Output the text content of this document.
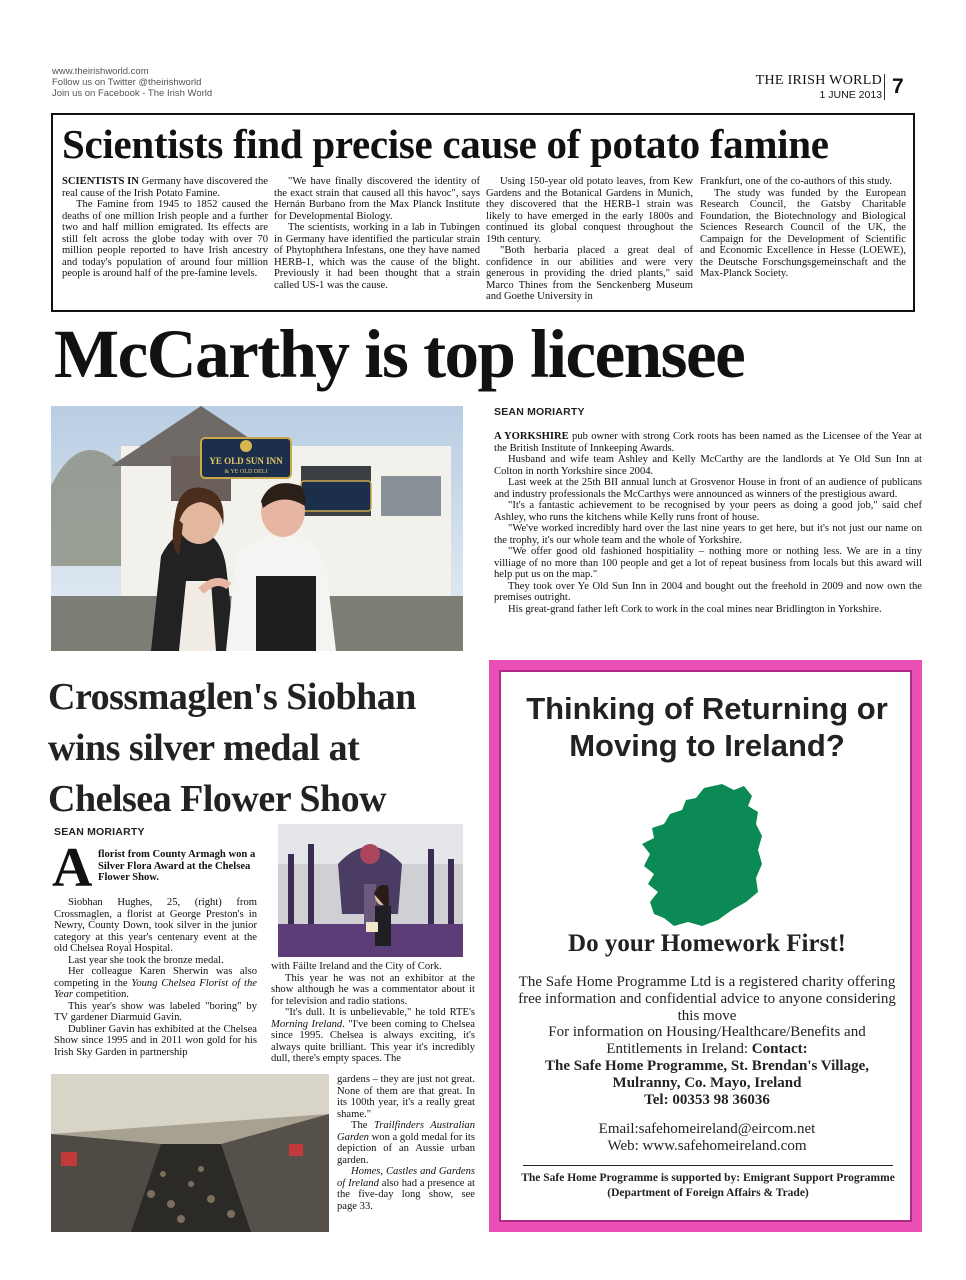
www.theirishworld.com
Follow us on Twitter @theirishworld
Join us on Facebook - The Irish World
THE IRISH WORLD
1 JUNE 2013 7
Scientists find precise cause of potato famine

SCIENTISTS IN Germany have discovered the real cause of the Irish Potato Famine.

The Famine from 1945 to 1852 caused the deaths of one million Irish people and a further two and half million emigrated. Its effects are still felt across the globe today with over 70 million people reported to have Irish ancestry and today's population of around four million people is around half of the pre-famine levels.

"We have finally discovered the identity of the exact strain that caused all this havoc", says Hernán Burbano from the Max Planck Institute for Developmental Biology.

The scientists, working in a lab in Tubingen in Germany have identified the particular strain of Phytophthera Infestans, one they have named HERB-1, which was the cause of the blight. Previously it had been thought that a strain called US-1 was the cause.

Using 150-year old potato leaves, from Kew Gardens and the Botanical Gardens in Munich, they discovered that the HERB-1 strain was likely to have emerged in the early 1800s and continued its global conquest throughout the 19th century.

"Both herbaria placed a great deal of confidence in our abilities and were very generous in providing the dried plants," said Marco Thines from the Senckenberg Museum and Goethe University in

Frankfurt, one of the co-authors of this study.

The study was funded by the European Research Council, the Gatsby Charitable Foundation, the Biotechnology and Biological Sciences Research Council of the UK, the Campaign for the Development of Scientific and Economic Excellence in Hesse (LOEWE), the Deutsche Forschungsgemeinschaft and the Max-Planck Society.

McCarthy is top licensee
YE OLD SUN INN
& YE OLD DELI
SEAN MORIARTY

A YORKSHIRE pub owner with strong Cork roots has been named as the Licensee of the Year at the British Institute of Innkeeping Awards.

Husband and wife team Ashley and Kelly McCarthy are the landlords at Ye Old Sun Inn at Colton in north Yorkshire since 2004.

Last week at the 25th BII annual lunch at Grosvenor House in front of an audience of publicans and industry professionals the McCarthys were announced as winners of the prestigious award.

"It's a fantastic achievement to be recognised by your peers as doing a good job," said chef Ashley, who runs the kitchens while Kelly runs front of house.

"We've worked incredibly hard over the last nine years to get here, but it's not just our name on the trophy, it's our whole team and the whole of Yorkshire.

"We offer good old fashioned hospitiality – nothing more or nothing less. We are in a tiny villiage of no more than 100 people and get a lot of repeat business from locals but this award will help put us on the map."

They took over Ye Old Sun Inn in 2004 and bought out the freehold in 2009 and now own the premises outright.

His great-grand father left Cork to work in the coal mines near Bridlington in Yorkshire.

Crossmaglen's Siobhan
wins silver medal at
Chelsea Flower Show
SEAN MORIARTY
A florist from County Armagh won a Silver Flora Award at the Chelsea Flower Show.

Siobhan Hughes, 25, (right) from Crossmaglen, a florist at George Preston's in Newry, County Down, took silver in the junior category at this year's centenary event at the old Chelsea Royal Hospital.

Last year she took the bronze medal.

Her colleague Karen Sherwin was also competing in the Young Chelsea Florist of the Year competition.

This year's show was labeled "boring" by TV gardener Diarmuid Gavin.

Dubliner Gavin has exhibited at the Chelsea Show since 1995 and in 2011 won gold for his Irish Sky Garden in partnership

with Fáilte Ireland and the City of Cork.

This year he was not an exhibitor at the show although he was a commentator about it for television and radio stations.

"It's dull. It is unbelievable," he told RTE's Morning Ireland. "I've been coming to Chelsea since 1995. Chelsea is always exciting, it's always quite brilliant. This year it's incredibly dull, there's empty spaces. The

gardens – they are just not great. None of them are that great. In its 100th year, it's a really great shame."

The Trailfinders Australian Garden won a gold medal for its depiction of an Aussie urban garden.

Homes, Castles and Gardens of Ireland also had a presence at the five-day long show, see page 33.

Thinking of Returning or Moving to Ireland?
Do your Homework First!
The Safe Home Programme Ltd is a registered charity offering free information and confidential advice to anyone considering this move
For information on Housing/Healthcare/Benefits and Entitlements in Ireland: Contact:
The Safe Home Programme, St. Brendan's Village, Mulranny, Co. Mayo, Ireland
Tel: 00353 98 36036
Email:safehomeireland@eircom.net
Web: www.safehomeireland.com
The Safe Home Programme is supported by: Emigrant Support Programme (Department of Foreign Affairs & Trade)
